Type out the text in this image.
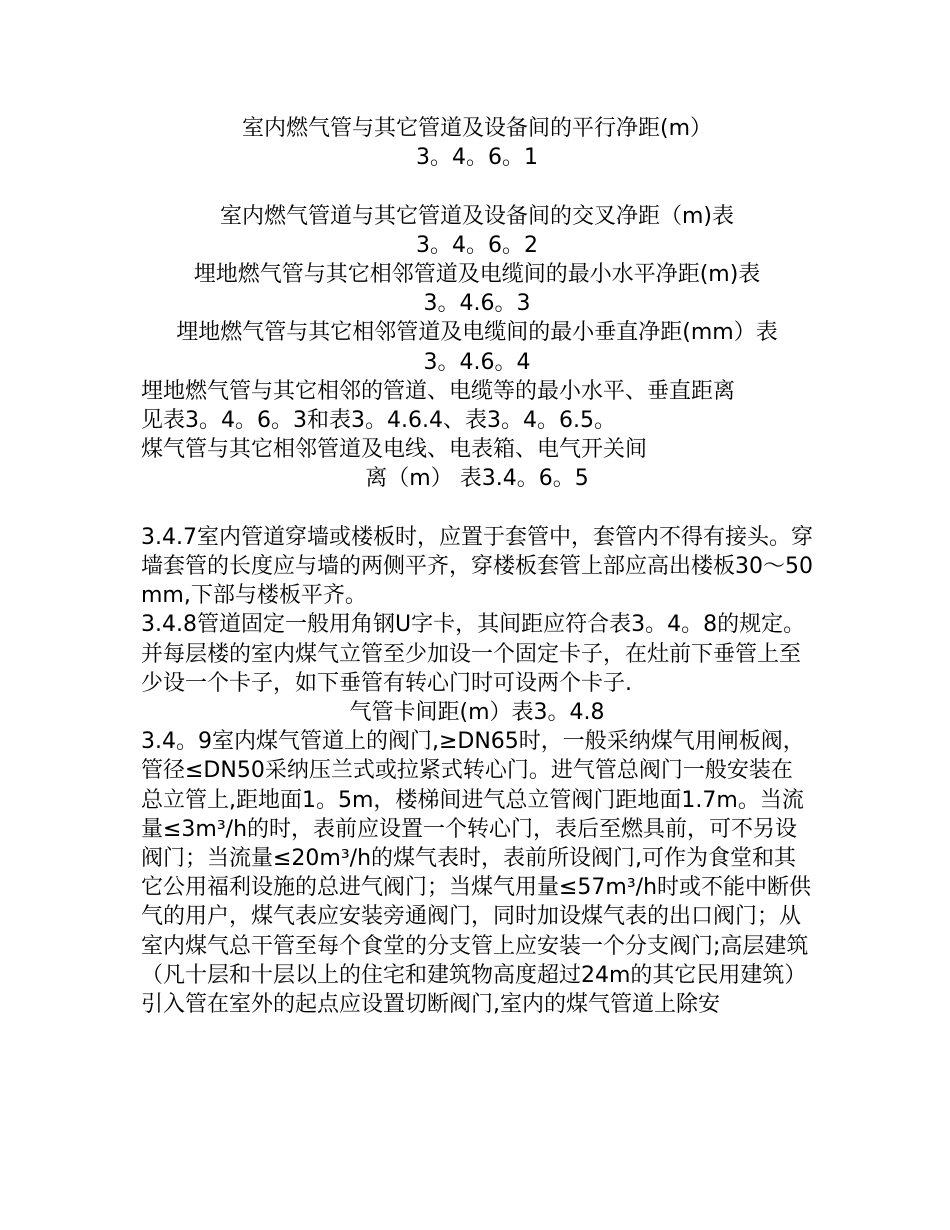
室内燃气管与其它管道及设备间的平行净距(m）
3。4。6。1
室内燃气管道与其它管道及设备间的交叉净距（m)表
3。4。6。2
埋地燃气管与其它相邻管道及电缆间的最小水平净距(m)表
3。4.6。3
埋地燃气管与其它相邻管道及电缆间的最小垂直净距(mm）表
3。4.6。4
埋地燃气管与其它相邻的管道、电缆等的最小水平、垂直距离
见表3。4。6。3和表3。4.6.4、表3。4。6.5。
煤气管与其它相邻管道及电线、电表箱、电气开关间
离（m） 表3.4。6。5

3.4.7室内管道穿墙或楼板时，应置于套管中，套管内不得有接头。穿墙套管的长度应与墙的两侧平齐，穿楼板套管上部应高出楼板30～50mm,下部与楼板平齐。

3.4.8管道固定一般用角钢U字卡，其间距应符合表3。4。8的规定。并每层楼的室内煤气立管至少加设一个固定卡子，在灶前下垂管上至少设一个卡子，如下垂管有转心门时可设两个卡子.

气管卡间距(m）表3。4.8

3.4。9室内煤气管道上的阀门,≥DN65时，一般采纳煤气用闸板阀，管径≤DN50采纳压兰式或拉紧式转心门。进气管总阀门一般安装在总立管上,距地面1。5m，楼梯间进气总立管阀门距地面1.7m。当流量≤3m³/h的时，表前应设置一个转心门，表后至燃具前，可不另设阀门；当流量≤20m³/h的煤气表时，表前所设阀门,可作为食堂和其它公用福利设施的总进气阀门；当煤气用量≤57m³/h时或不能中断供气的用户，煤气表应安装旁通阀门，同时加设煤气表的出口阀门；从室内煤气总干管至每个食堂的分支管上应安装一个分支阀门;高层建筑（凡十层和十层以上的住宅和建筑物高度超过24m的其它民用建筑）引入管在室外的起点应设置切断阀门,室内的煤气管道上除安
